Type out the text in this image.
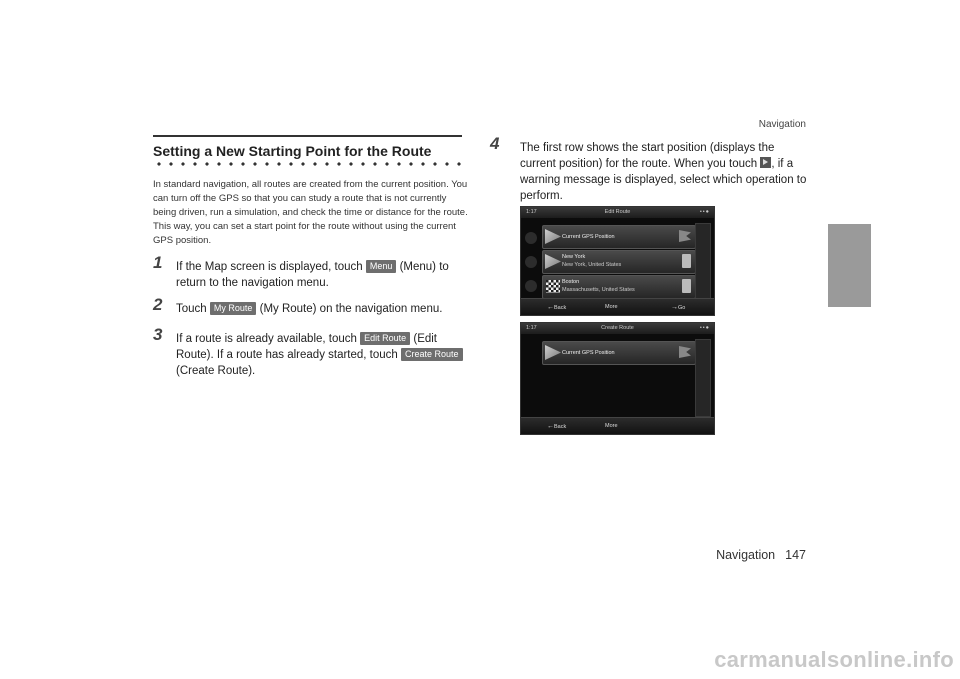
Navigation
Setting a New Starting Point for the Route
In standard navigation, all routes are created from the current position. You can turn off the GPS so that you can study a route that is not currently being driven, run a simulation, and check the time or distance for the route. This way, you can set a start point for the route without using the current GPS position.
1 If the Map screen is displayed, touch Menu (Menu) to return to the navigation menu.
2 Touch My Route (My Route) on the navigation menu.
3 If a route is already available, touch Edit Route (Edit Route). If a route has already started, touch Create Route (Create Route).
4 The first row shows the start position (displays the current position) for the route. When you touch , if a warning message is displayed, select which operation to perform.
1:17	Edit Route	••●
Current GPS Position
New York
New York, United States
Boston
Massachusetts, United States
← Back	More
→	Go
1:17	Create Route	••●
Current GPS Position
← Back	More
Navigation 147
carmanualsonline.info
